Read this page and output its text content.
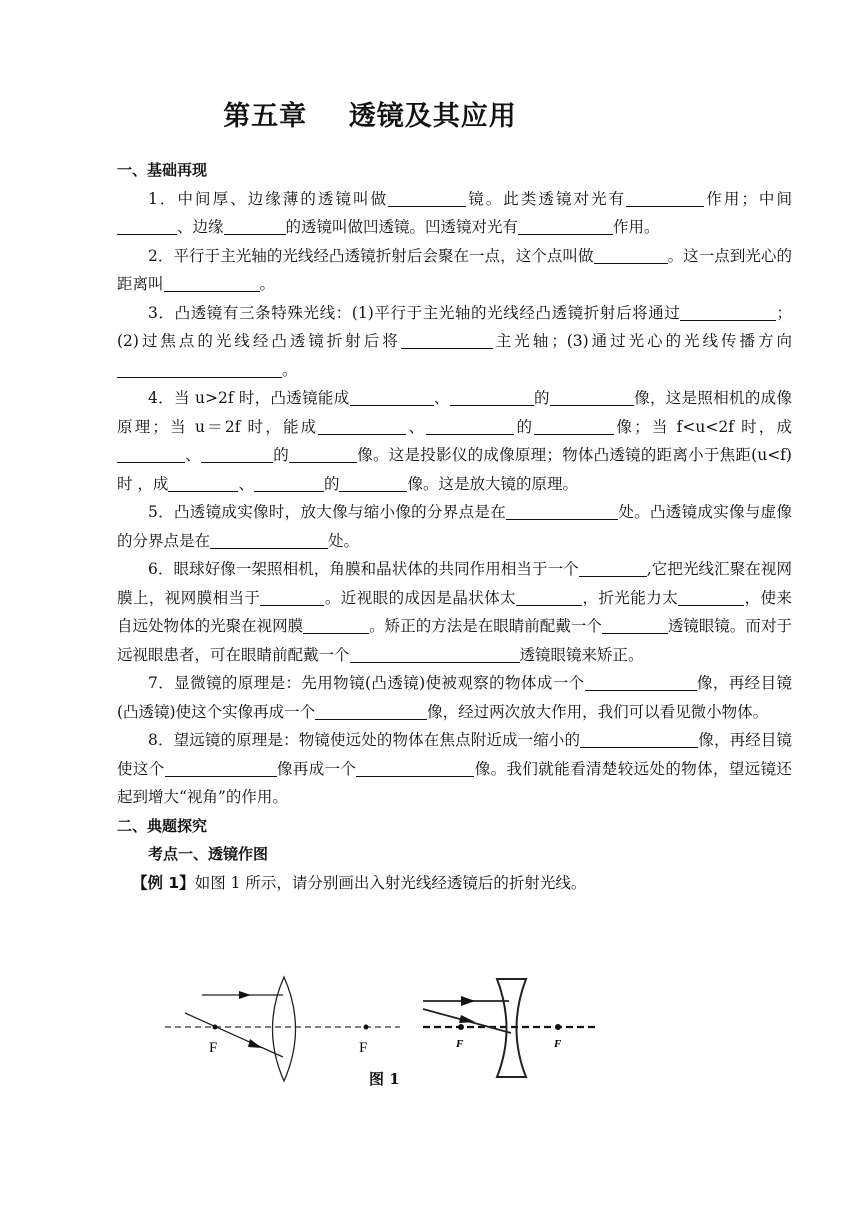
第五章 透镜及其应用

一、基础再现

1．中间厚、边缘薄的透镜叫做	镜。此类透镜对光有	作用；中间、边缘	的透镜叫做凹透镜。凹透镜对光有	作用。

2．平行于主光轴的光线经凸透镜折射后会聚在一点，这个点叫做	。这一点到光心的距离叫	。

3．凸透镜有三条特殊光线：(1)平行于主光轴的光线经凸透镜折射后将通过	；(2)过焦点的光线经凸透镜折射后将	主光轴；(3)通过光心的光线传播方向。

4．当 u>2f 时，凸透镜能成	、	的	像，这是照相机的成像原理；当 u＝2f 时，能成	、	的	像；当 f<u<2f 时，成、	的	像。这是投影仪的成像原理；物体凸透镜的距离小于焦距(u<f)时 ，成	、	的	像。这是放大镜的原理。

5．凸透镜成实像时，放大像与缩小像的分界点是在	处。凸透镜成实像与虚像的分界点是在	处。

6．眼球好像一架照相机，角膜和晶状体的共同作用相当于一个	,它把光线汇聚在视网膜上，视网膜相当于	。近视眼的成因是晶状体太	，折光能力太	，使来自远处物体的光聚在视网膜	。矫正的方法是在眼睛前配戴一个	透镜眼镜。而对于远视眼患者，可在眼睛前配戴一个	透镜眼镜来矫正。

7．显微镜的原理是：先用物镜(凸透镜)使被观察的物体成一个	像，再经目镜(凸透镜)使这个实像再成一个	像，经过两次放大作用，我们可以看见微小物体。

8．望远镜的原理是：物镜使远处的物体在焦点附近成一缩小的	像，再经目镜使这个	像再成一个	像。我们就能看清楚较远处的物体，望远镜还起到增大“视角”的作用。

二、典题探究

考点一、透镜作图

【例 1】如图 1 所示，请分别画出入射光线经透镜后的折射光线。

F	F	F	F
图 1
